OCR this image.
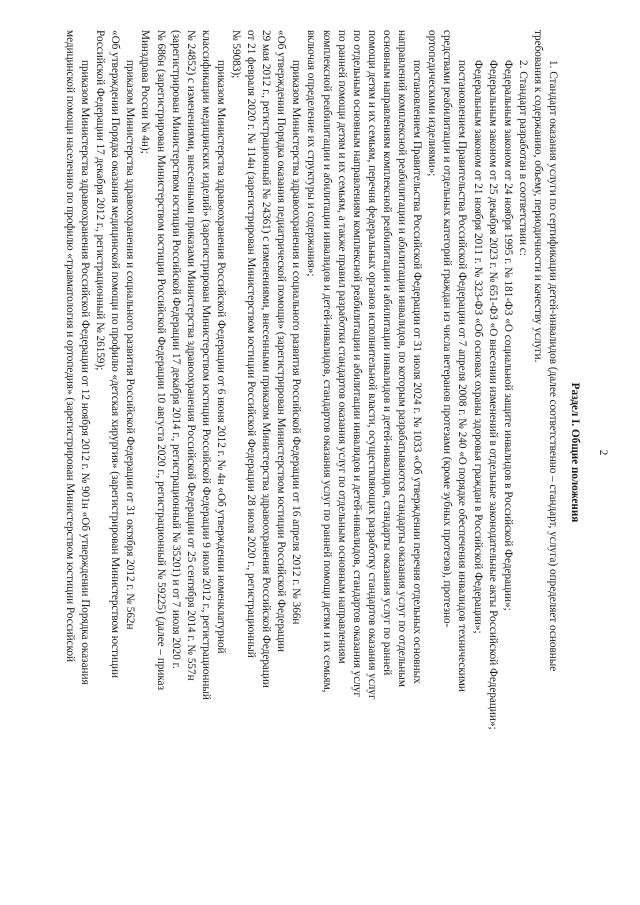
2
Раздел I. Общие положения
1. Стандарт оказания услуги по сертификации детей-инвалидов (далее соответственно – стандарт, услуга) определяет основные
требования к содержанию, объему, периодичности и качеству услуги.
2. Стандарт разработан в соответствии с:
Федеральным законом от 24 ноября 1995 г. № 181-ФЗ «О социальной защите инвалидов в Российской Федерации»;
Федеральным законом от 25 декабря 2023 г. № 651-ФЗ «О внесении изменений в отдельные законодательные акты Российской Федерации»;
Федеральным законом от 21 ноября 2011 г. № 323-ФЗ «Об основах охраны здоровья граждан в Российской Федерации»;
постановлением Правительства Российской Федерации от 7 апреля 2008 г. № 240 «О порядке обеспечения инвалидов техническими
средствами реабилитации и отдельных категорий граждан из числа ветеранов протезами (кроме зубных протезов), протезно-
ортопедическими изделиями»;
постановлением Правительства Российской Федерации от 31 июля 2024 г. № 1033 «Об утверждении перечня отдельных основных
направлений комплексной реабилитации и абилитации инвалидов, по которым разрабатываются стандарты оказания услуг по отдельным
основным направлениям комплексной реабилитации и абилитации инвалидов и детей-инвалидов, стандарты оказания услуг по ранней
помощи детям и их семьям, перечня федеральных органов исполнительной власти, осуществляющих разработку стандартов оказания услуг
по отдельным основным направлениям комплексной реабилитации и абилитации инвалидов и детей-инвалидов, стандартов оказания услуг
по ранней помощи детям и их семьям, а также правил разработки стандартов оказания услуг по отдельным основным направлениям
комплексной реабилитации и абилитации инвалидов и детей-инвалидов, стандартов оказания услуг по ранней помощи детям и их семьям,
включая определение их структуры и содержания»;
приказом Министерства здравоохранения и социального развития Российской Федерации от 16 апреля 2012 г. № 366н
«Об утверждении Порядка оказания педиатрической помощи» (зарегистрирован Министерством юстиции Российской Федерации
29 мая 2012 г., регистрационный № 24361) с изменениями, внесенными приказом Министерства здравоохранения Российской Федерации
от 21 февраля 2020 г. № 114н (зарегистрирован Министерством юстиции Российской Федерации 28 июля 2020 г., регистрационный
№ 59083);
приказом Министерства здравоохранения Российской Федерации от 6 июня 2012 г. № 4н «Об утверждении номенклатурной
классификации медицинских изделий» (зарегистрирован Министерством юстиции Российской Федерации 9 июля 2012 г., регистрационный
№ 24852) с изменениями, внесенными приказами Министерства здравоохранения Российской Федерации от 25 сентября 2014 г. № 557н
(зарегистрирован Министерством юстиции Российской Федерации 17 декабря 2014 г., регистрационный № 35201) и от 7 июля 2020 г.
№ 686н (зарегистрирован Министерством юстиции Российской Федерации 10 августа 2020 г., регистрационный № 59225) (далее – приказ
Минздрава России № 4н);
приказом Министерства здравоохранения и социального развития Российской Федерации от 31 октября 2012 г. № 562н
«Об утверждении Порядка оказания медицинской помощи по профилю «детская хирургия» (зарегистрирован Министерством юстиции
Российской Федерации 17 декабря 2012 г., регистрационный № 26159);
приказом Министерства здравоохранения Российской Федерации от 12 ноября 2012 г. № 901н «Об утверждении Порядка оказания
медицинской помощи населению по профилю «травматология и ортопедия» (зарегистрирован Министерством юстиции Российской
